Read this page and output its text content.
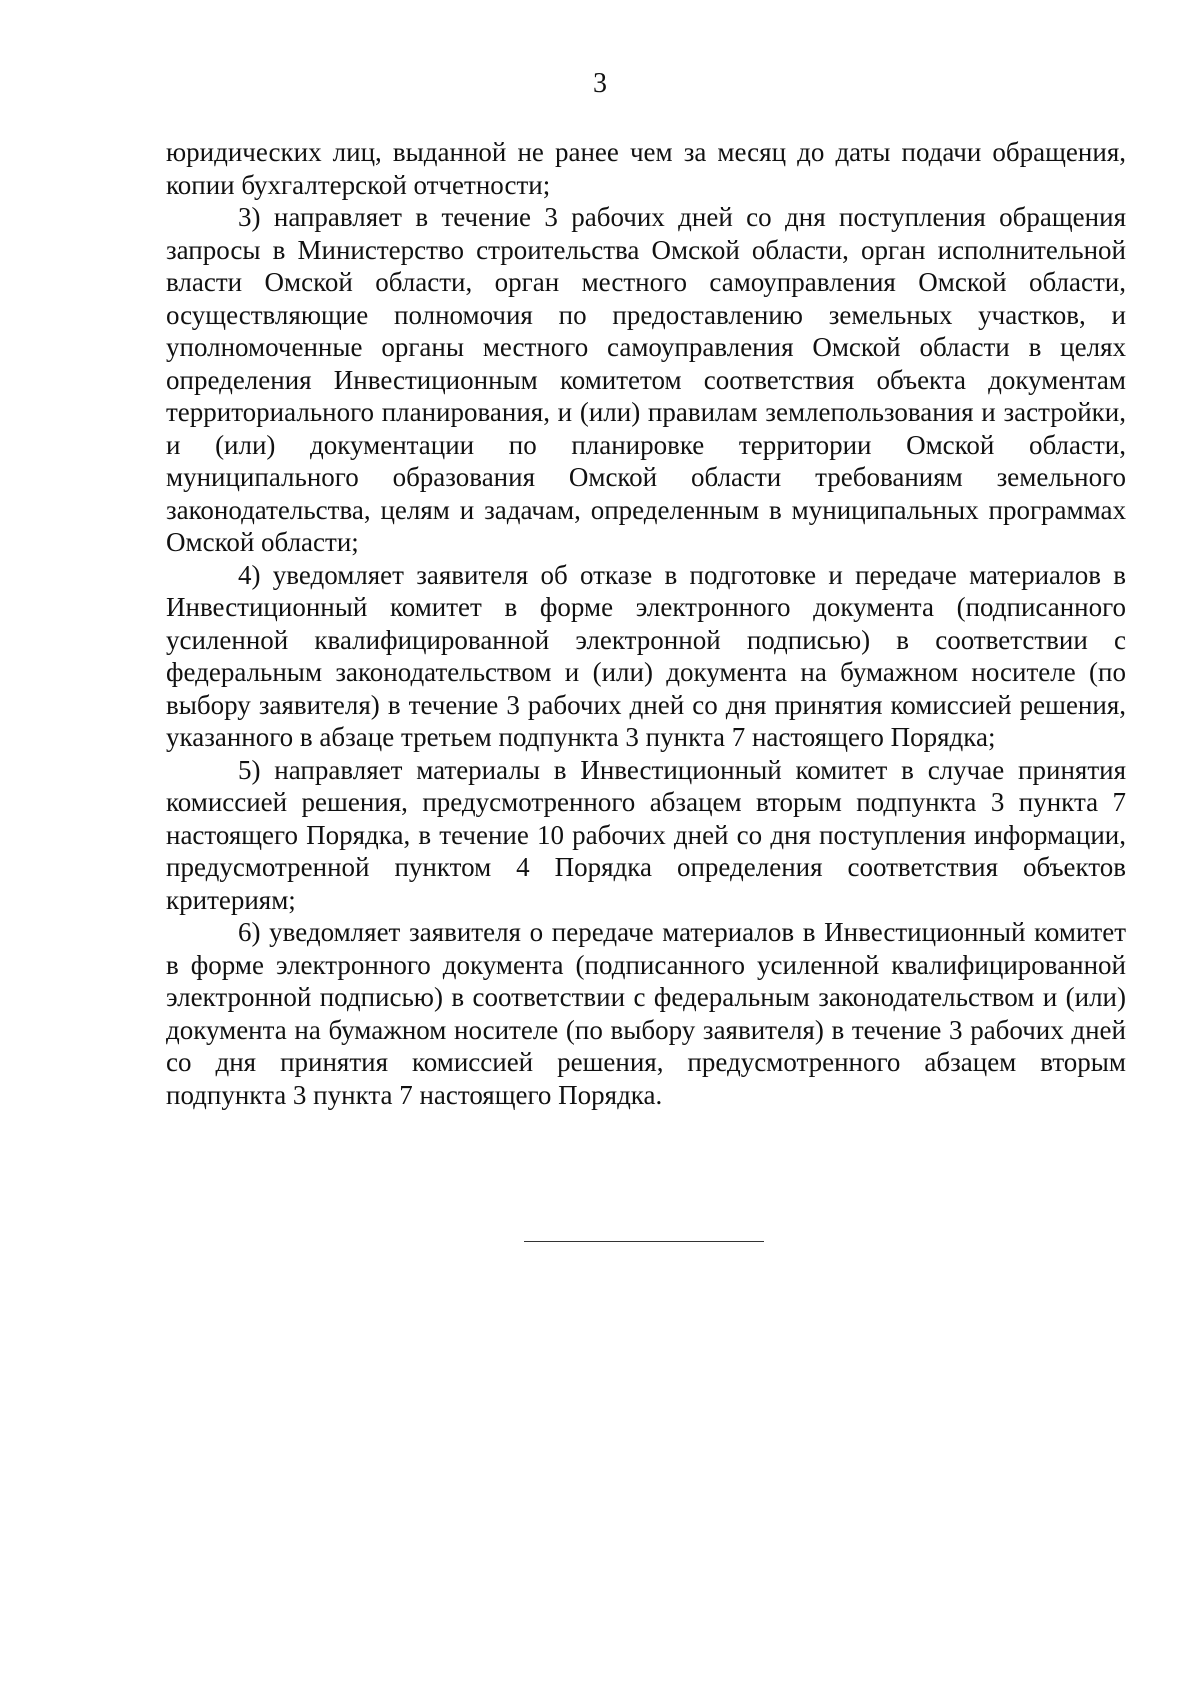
3

юридических лиц, выданной не ранее чем за месяц до даты подачи обращения, копии бухгалтерской отчетности;

3) направляет в течение 3 рабочих дней со дня поступления обращения запросы в Министерство строительства Омской области, орган исполнительной власти Омской области, орган местного самоуправления Омской области, осуществляющие полномочия по предоставлению земельных участков, и уполномоченные органы местного самоуправления Омской области в целях определения Инвестиционным комитетом соответствия объекта документам территориального планирования, и (или) правилам землепользования и застройки, и (или) документации по планировке территории Омской области, муниципального образования Омской области требованиям земельного законодательства, целям и задачам, определенным в муниципальных программах Омской области;

4) уведомляет заявителя об отказе в подготовке и передаче материалов в Инвестиционный комитет в форме электронного документа (подписанного усиленной квалифицированной электронной подписью) в соответствии с федеральным законодательством и (или) документа на бумажном носителе (по выбору заявителя) в течение 3 рабочих дней со дня принятия комиссией решения, указанного в абзаце третьем подпункта 3 пункта 7 настоящего Порядка;

5) направляет материалы в Инвестиционный комитет в случае принятия комиссией решения, предусмотренного абзацем вторым подпункта 3 пункта 7 настоящего Порядка, в течение 10 рабочих дней со дня поступления информации, предусмотренной пунктом 4 Порядка определения соответствия объектов критериям;

6) уведомляет заявителя о передаче материалов в Инвестиционный комитет в форме электронного документа (подписанного усиленной квалифицированной электронной подписью) в соответствии с федеральным законодательством и (или) документа на бумажном носителе (по выбору заявителя) в течение 3 рабочих дней со дня принятия комиссией решения, предусмотренного абзацем вторым подпункта 3 пункта 7 настоящего Порядка.
